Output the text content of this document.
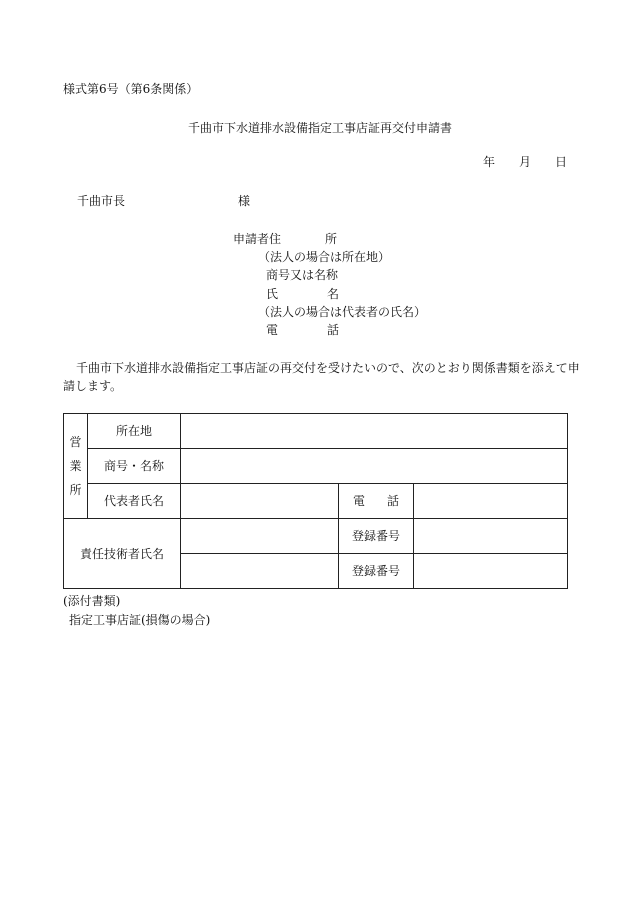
様式第6号（第6条関係）
千曲市下水道排水設備指定工事店証再交付申請書
年 月 日
千曲市長	様
申請者住	所
（法人の場合は所在地）
商号又は名称
氏	名
（法人の場合は代表者の氏名）
電	話
千曲市下水道排水設備指定工事店証の再交付を受けたいので、次のとおり関係書類を添えて申
請します。
営
業
所	所在地			
	商号・名称			
	代表者氏名		電 話	
責任技術者氏名			登録番号	
			登録番号	
(添付書類)
指定工事店証(損傷の場合)
